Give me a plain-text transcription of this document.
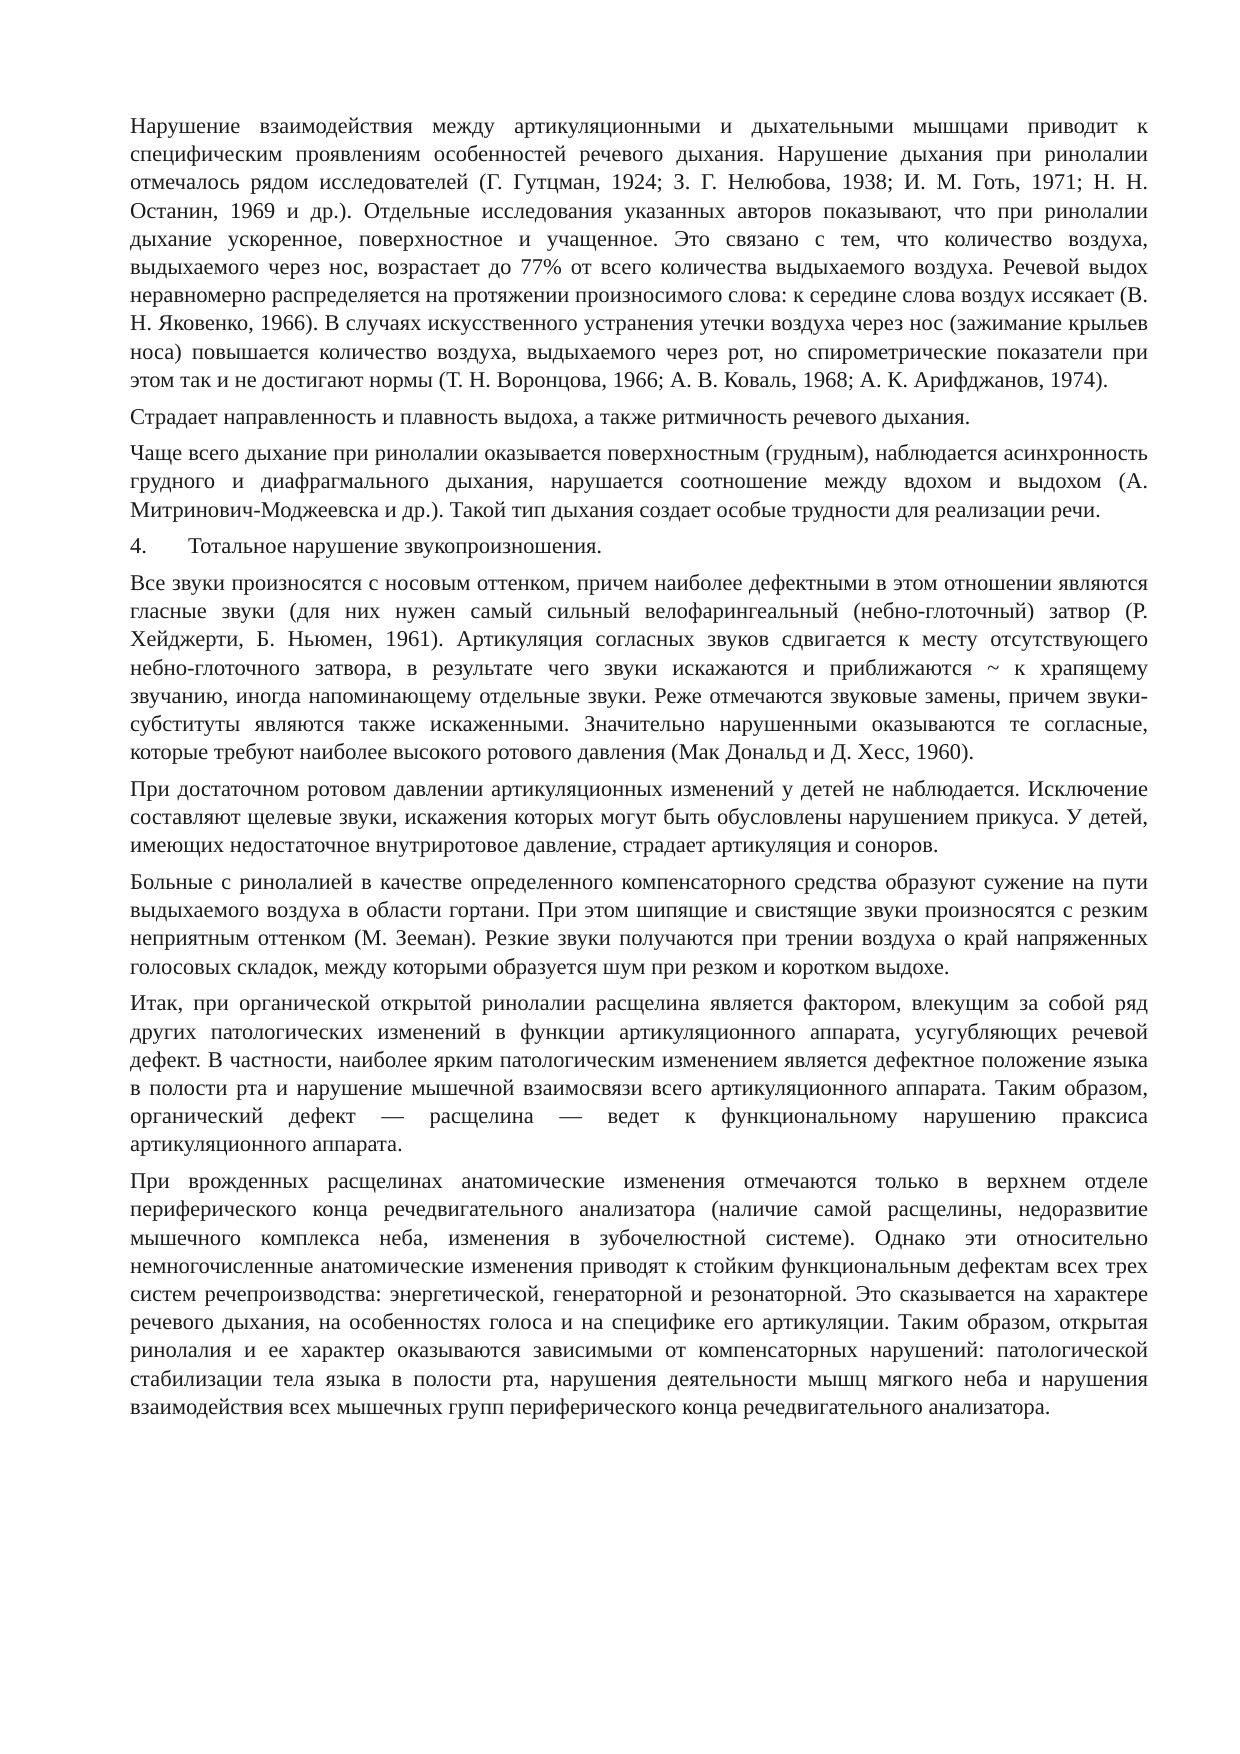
Нарушение взаимодействия между артикуляционными и дыхательными мышцами приводит к специфическим проявлениям особенностей речевого дыхания. Нарушение дыхания при ринолалии отмечалось рядом исследователей (Г. Гутцман, 1924; З. Г. Нелюбова, 1938; И. М. Готь, 1971; Н. Н. Останин, 1969 и др.). Отдельные исследования указанных авторов показывают, что при ринолалии дыхание ускоренное, поверхностное и учащенное. Это связано с тем, что количество воздуха, выдыхаемого через нос, возрастает до 77% от всего количества выдыхаемого воздуха. Речевой выдох неравномерно распределяется на протяжении произносимого слова: к середине слова воздух иссякает (В. Н. Яковенко, 1966). В случаях искусственного устранения утечки воздуха через нос (зажимание крыльев носа) повышается количество воздуха, выдыхаемого через рот, но спирометрические показатели при этом так и не достигают нормы (Т. Н. Воронцова, 1966; А. В. Коваль, 1968; А. К. Арифджанов, 1974).

Страдает направленность и плавность выдоха, а также ритмичность речевого дыхания.

Чаще всего дыхание при ринолалии оказывается поверхностным (грудным), наблюдается асинхронность грудного и диафрагмального дыхания, нарушается соотношение между вдохом и выдохом (А. Митринович-Моджеевска и др.). Такой тип дыхания создает особые трудности для реализации речи.

4. Тотальное нарушение звукопроизношения.

Все звуки произносятся с носовым оттенком, причем наиболее дефектными в этом отношении являются гласные звуки (для них нужен самый сильный велофарингеальный (небно-глоточный) затвор (Р. Хейджерти, Б. Ньюмен, 1961). Артикуляция согласных звуков сдвигается к месту отсутствующего небно-глоточного затвора, в результате чего звуки искажаются и приближаются ~ к храпящему звучанию, иногда напоминающему отдельные звуки. Реже отмечаются звуковые замены, причем звуки-субституты являются также искаженными. Значительно нарушенными оказываются те согласные, которые требуют наиболее высокого ротового давления (Мак Дональд и Д. Хесс, 1960).

При достаточном ротовом давлении артикуляционных изменений у детей не наблюдается. Исключение составляют щелевые звуки, искажения которых могут быть обусловлены нарушением прикуса. У детей, имеющих недостаточное внутриротовое давление, страдает артикуляция и соноров.

Больные с ринолалией в качестве определенного компенсаторного средства образуют сужение на пути выдыхаемого воздуха в области гортани. При этом шипящие и свистящие звуки произносятся с резким неприятным оттенком (М. Зееман). Резкие звуки получаются при трении воздуха о край напряженных голосовых складок, между которыми образуется шум при резком и коротком выдохе.

Итак, при органической открытой ринолалии расщелина является фактором, влекущим за собой ряд других патологических изменений в функции артикуляционного аппарата, усугубляющих речевой дефект. В частности, наиболее ярким патологическим изменением является дефектное положение языка в полости рта и нарушение мышечной взаимосвязи всего артикуляционного аппарата. Таким образом, органический дефект — расщелина — ведет к функциональному нарушению праксиса артикуляционного аппарата.

При врожденных расщелинах анатомические изменения отмечаются только в верхнем отделе периферического конца речедвигательного анализатора (наличие самой расщелины, недоразвитие мышечного комплекса неба, изменения в зубочелюстной системе). Однако эти относительно немногочисленные анатомические изменения приводят к стойким функциональным дефектам всех трех систем речепроизводства: энергетической, генераторной и резонаторной. Это сказывается на характере речевого дыхания, на особенностях голоса и на специфике его артикуляции. Таким образом, открытая ринолалия и ее характер оказываются зависимыми от компенсаторных нарушений: патологической стабилизации тела языка в полости рта, нарушения деятельности мышц мягкого неба и нарушения взаимодействия всех мышечных групп периферического конца речедвигательного анализатора.
